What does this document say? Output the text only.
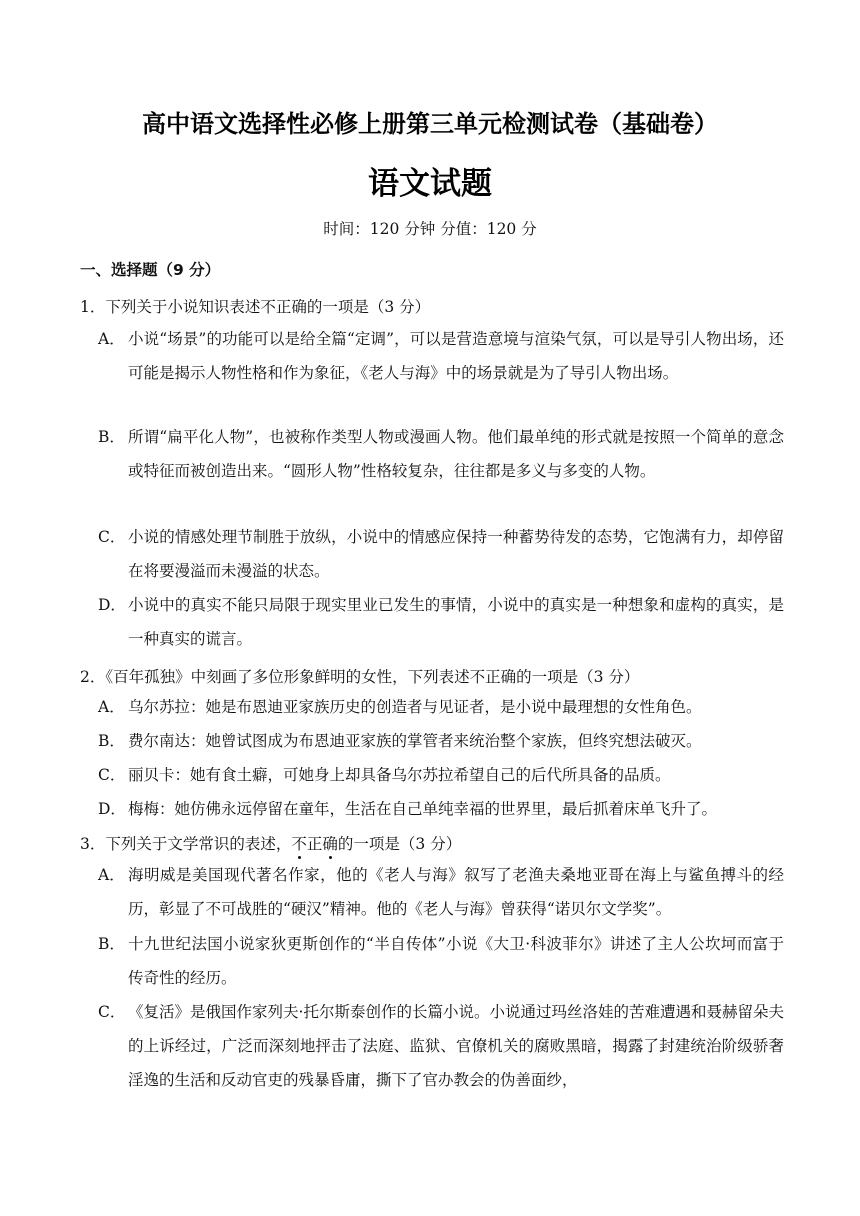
高中语文选择性必修上册第三单元检测试卷（基础卷）
语文试题
时间：120 分钟 分值：120 分
一、选择题（9 分）
1．下列关于小说知识表述不正确的一项是（3 分）
A． 小说“场景”的功能可以是给全篇“定调”，可以是营造意境与渲染气氛，可以是导引人物出场，还可能是揭示人物性格和作为象征，《老人与海》中的场景就是为了导引人物出场。
B． 所谓“扁平化人物”，也被称作类型人物或漫画人物。他们最单纯的形式就是按照一个简单的意念或特征而被创造出来。“圆形人物”性格较复杂，往往都是多义与多变的人物。
C． 小说的情感处理节制胜于放纵，小说中的情感应保持一种蓄势待发的态势，它饱满有力，却停留在将要漫溢而未漫溢的状态。
D． 小说中的真实不能只局限于现实里业已发生的事情，小说中的真实是一种想象和虚构的真实，是一种真实的谎言。
2．《百年孤独》中刻画了多位形象鲜明的女性，下列表述不正确的一项是（3 分）
A． 乌尔苏拉：她是布恩迪亚家族历史的创造者与见证者，是小说中最理想的女性角色。
B． 费尔南达：她曾试图成为布恩迪亚家族的掌管者来统治整个家族，但终究想法破灭。
C． 丽贝卡：她有食土癖，可她身上却具备乌尔苏拉希望自己的后代所具备的品质。
D． 梅梅：她仿佛永远停留在童年，生活在自己单纯幸福的世界里，最后抓着床单飞升了。
3．下列关于文学常识的表述，不正确的一项是（3 分）
A． 海明威是美国现代著名作家，他的《老人与海》叙写了老渔夫桑地亚哥在海上与鲨鱼搏斗的经历，彰显了不可战胜的“硬汉”精神。他的《老人与海》曾获得“诺贝尔文学奖”。
B． 十九世纪法国小说家狄更斯创作的“半自传体”小说《大卫·科波菲尔》讲述了主人公坎坷而富于传奇性的经历。
C． 《复活》是俄国作家列夫·托尔斯泰创作的长篇小说。小说通过玛丝洛娃的苦难遭遇和聂赫留朵夫的上诉经过，广泛而深刻地抨击了法庭、监狱、官僚机关的腐败黑暗，揭露了封建统治阶级骄奢淫逸的生活和反动官吏的残暴昏庸，撕下了官办教会的伪善面纱，
